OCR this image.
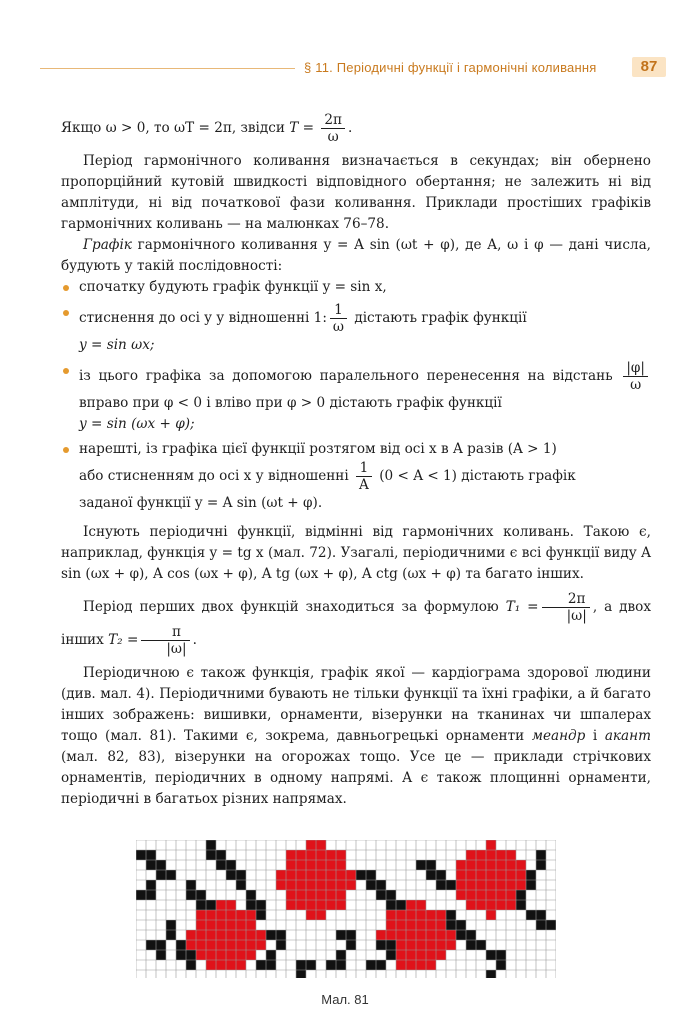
§ 11. Періодичні функції і гармонічні коливання	87

Якщо ω > 0, то ωT = 2π, звідси $T = \frac{2\pi}{\omega}$ .

Період гармонічного коливання визначається в секундах; він обернено пропорційний кутовій швидкості відповідного обертання; не залежить ні від амплітуди, ні від початкової фази коливання. Приклади простіших графіків гармонічних коливань — на малюнках 76–78.

Графік гармонічного коливання y = A sin (ωt + φ), де A, ω і φ — дані числа, будують у такій послідовності:

спочатку будують графік функції y = sin x,
стиснення до осі y у відношенні 1: $\frac{1}{\omega}$ дістають графік функції
y = sin ωx;
із цього графіка за допомогою паралельного перенесення на відстань $\frac{|\varphi|}{\omega}$
вправо при φ < 0 і вліво при φ > 0 дістають графік функції
y = sin (ωx + φ);
нарешті, із графіка цієї функції розтягом від осі x в A разів (A > 1)
або стисненням до осі x у відношенні $\frac{1}{A} (0 < A < 1)$ дістають графік
заданої функції y = A sin (ωt + φ).

Існують періодичні функції, відмінні від гармонічних коливань. Такою є, наприклад, функція y = tg x (мал. 72). Узагалі, періодичними є всі функції виду A sin (ωx + φ), A cos (ωx + φ), A tg (ωx + φ), A ctg (ωx + φ) та багато інших.

Період перших двох функцій знаходиться за формулою $T_1 = \frac{2\pi}{|\omega|}$ , а двох інших $T_2 = \frac{\pi}{|\omega|}$ .

Періодичною є також функція, графік якої — кардіограма здорової людини (див. мал. 4). Періодичними бувають не тільки функції та їхні графіки, а й багато інших зображень: вишивки, орнаменти, візерунки на тканинах чи шпалерах тощо (мал. 81). Такими є, зокрема, давньогрецькі орнаменти меандр і акант (мал. 82, 83), візерунки на огорожах тощо. Усе це — приклади стрічкових орнаментів, періодичних в одному напрямі. А є також площинні орнаменти, періодичні в багатьох різних напрямах.

Мал. 81
